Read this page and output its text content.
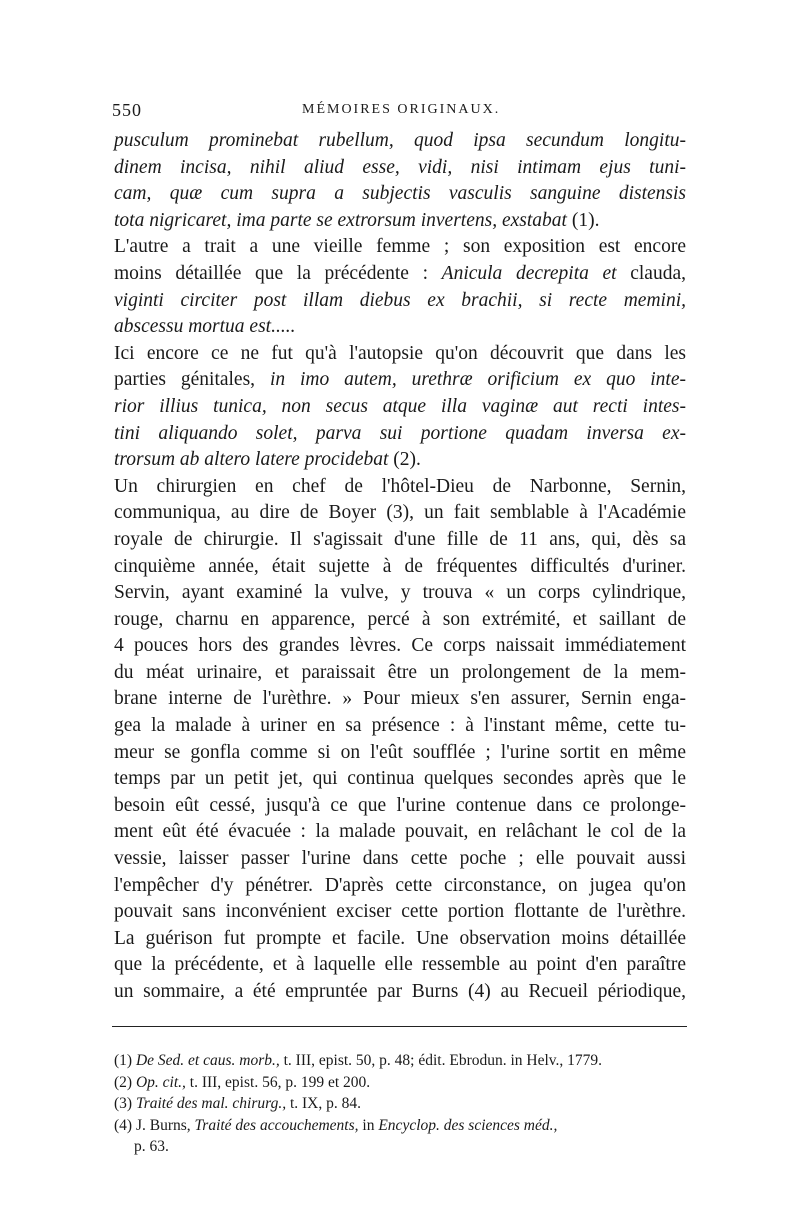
550	MÉMOIRES ORIGINAUX.
pusculum prominebat rubellum, quod ipsa secundum longitu-
dinem incisa, nihil aliud esse, vidi, nisi intimam ejus tuni-
cam, quæ cum supra a subjectis vasculis sanguine distensis
tota nigricaret, ima parte se extrorsum invertens, exstabat (1).
L'autre a trait a une vieille femme ; son exposition est encore
moins détaillée que la précédente : Anicula decrepita et clauda,
viginti circiter post illam diebus ex brachii, si recte memini,
abscessu mortua est.....
Ici encore ce ne fut qu'à l'autopsie qu'on découvrit que dans les
parties génitales, in imo autem, urethræ orificium ex quo inte-
rior illius tunica, non secus atque illa vaginæ aut recti intes-
tini aliquando solet, parva sui portione quadam inversa ex-
trorsum ab altero latere procidebat (2).
Un chirurgien en chef de l'hôtel-Dieu de Narbonne, Sernin,
communiqua, au dire de Boyer (3), un fait semblable à l'Académie
royale de chirurgie. Il s'agissait d'une fille de 11 ans, qui, dès sa
cinquième année, était sujette à de fréquentes difficultés d'uriner.
Servin, ayant examiné la vulve, y trouva « un corps cylindrique,
rouge, charnu en apparence, percé à son extrémité, et saillant de
4 pouces hors des grandes lèvres. Ce corps naissait immédiatement
du méat urinaire, et paraissait être un prolongement de la mem-
brane interne de l'urèthre. » Pour mieux s'en assurer, Sernin enga-
gea la malade à uriner en sa présence : à l'instant même, cette tu-
meur se gonfla comme si on l'eût soufflée ; l'urine sortit en même
temps par un petit jet, qui continua quelques secondes après que le
besoin eût cessé, jusqu'à ce que l'urine contenue dans ce prolonge-
ment eût été évacuée : la malade pouvait, en relâchant le col de la
vessie, laisser passer l'urine dans cette poche ; elle pouvait aussi
l'empêcher d'y pénétrer. D'après cette circonstance, on jugea qu'on
pouvait sans inconvénient exciser cette portion flottante de l'urèthre.
La guérison fut prompte et facile. Une observation moins détaillée
que la précédente, et à laquelle elle ressemble au point d'en paraître
un sommaire, a été empruntée par Burns (4) au Recueil périodique,
(1) De Sed. et caus. morb., t. III, epist. 50, p. 48; édit. Ebrodun. in Helv., 1779.
(2) Op. cit., t. III, epist. 56, p. 199 et 200.
(3) Traité des mal. chirurg., t. IX, p. 84.
(4) J. Burns, Traité des accouchements, in Encyclop. des sciences méd.,
p. 63.
